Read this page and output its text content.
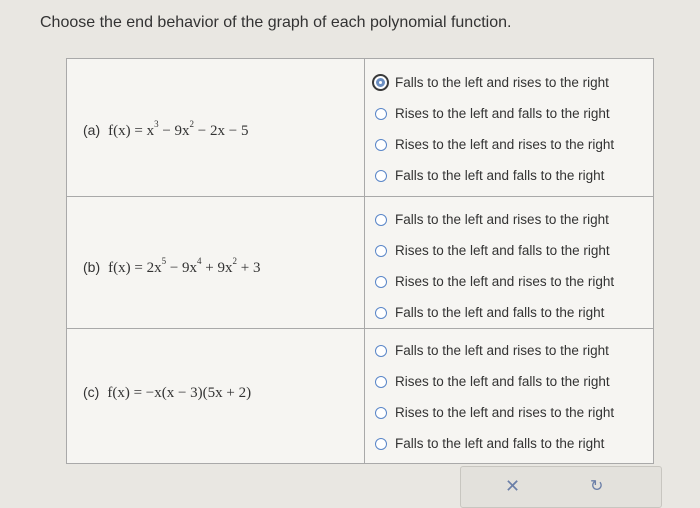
Choose the end behavior of the graph of each polynomial function.
(a) $f(x) = x^3 - 9x^2 - 2x - 5$
Falls to the left and rises to the right
Rises to the left and falls to the right
Rises to the left and rises to the right
Falls to the left and falls to the right
(b) $f(x) = 2x^5 - 9x^4 + 9x^2 + 3$
Falls to the left and rises to the right
Rises to the left and falls to the right
Rises to the left and rises to the right
Falls to the left and falls to the right
(c) f(x) = −x(x − 3)(5x + 2)
Falls to the left and rises to the right
Rises to the left and falls to the right
Rises to the left and rises to the right
Falls to the left and falls to the right
✕	↻
